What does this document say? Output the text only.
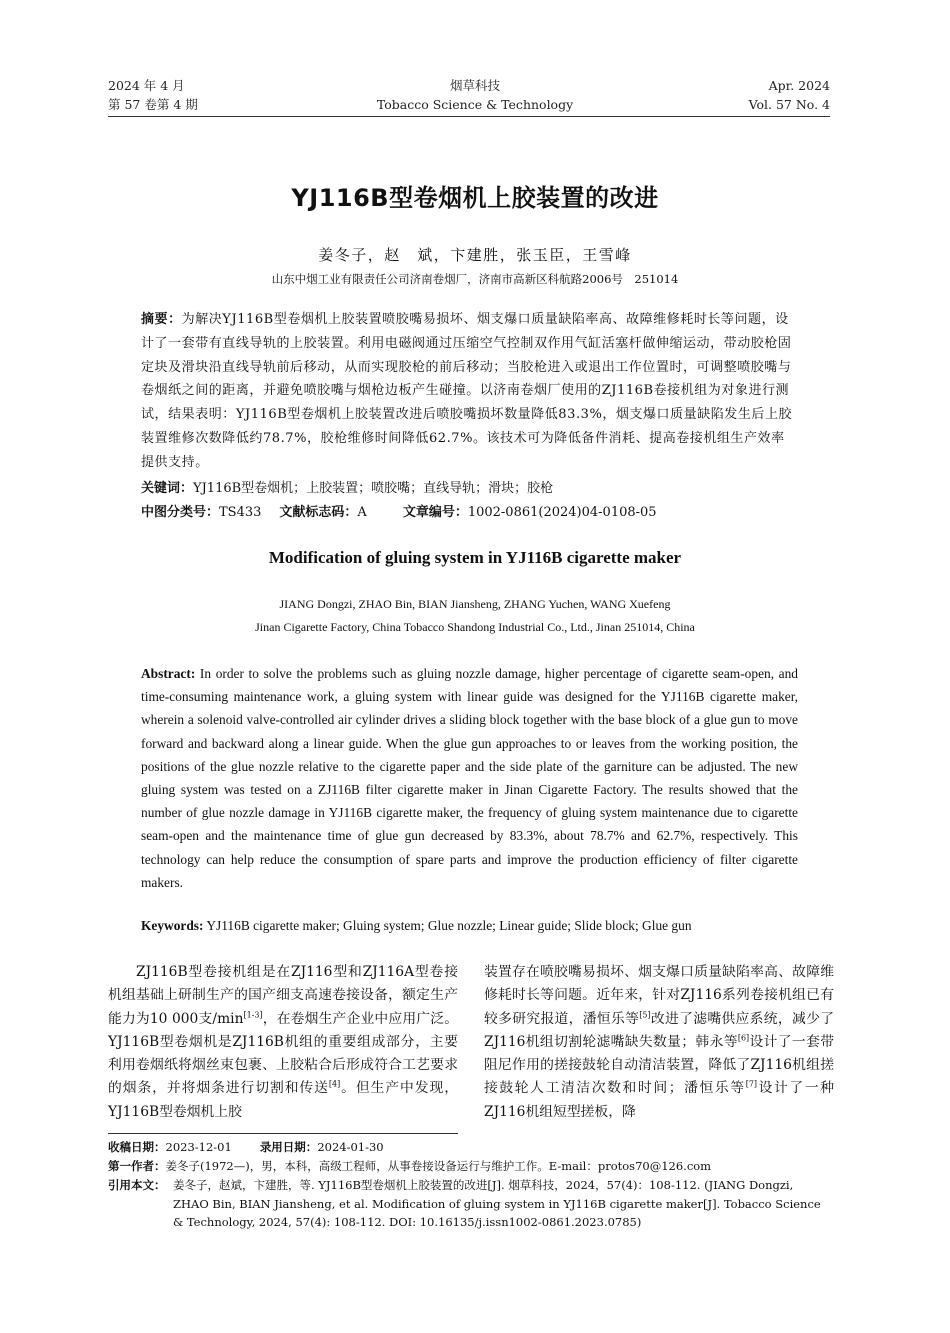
2024 年 4 月
第 57 卷第 4 期
烟草科技
Tobacco Science & Technology
Apr. 2024
Vol. 57 No. 4
YJ116B型卷烟机上胶装置的改进
姜冬子，赵　斌，卞建胜，张玉臣，王雪峰
山东中烟工业有限责任公司济南卷烟厂，济南市高新区科航路2006号　251014
摘要：为解决YJ116B型卷烟机上胶装置喷胶嘴易损坏、烟支爆口质量缺陷率高、故障维修耗时长等问题，设计了一套带有直线导轨的上胶装置。利用电磁阀通过压缩空气控制双作用气缸活塞杆做伸缩运动，带动胶枪固定块及滑块沿直线导轨前后移动，从而实现胶枪的前后移动；当胶枪进入或退出工作位置时，可调整喷胶嘴与卷烟纸之间的距离，并避免喷胶嘴与烟枪边板产生碰撞。以济南卷烟厂使用的ZJ116B卷接机组为对象进行测试，结果表明：YJ116B型卷烟机上胶装置改进后喷胶嘴损坏数量降低83.3%，烟支爆口质量缺陷发生后上胶装置维修次数降低约78.7%，胶枪维修时间降低62.7%。该技术可为降低备件消耗、提高卷接机组生产效率提供支持。
关键词：YJ116B型卷烟机；上胶装置；喷胶嘴；直线导轨；滑块；胶枪
中图分类号：TS433 文献标志码：A	文章编号：1002-0861(2024)04-0108-05
Modification of gluing system in YJ116B cigarette maker
JIANG Dongzi, ZHAO Bin, BIAN Jiansheng, ZHANG Yuchen, WANG Xuefeng
Jinan Cigarette Factory, China Tobacco Shandong Industrial Co., Ltd., Jinan 251014, China
Abstract: In order to solve the problems such as gluing nozzle damage, higher percentage of cigarette seam-open, and time-consuming maintenance work, a gluing system with linear guide was designed for the YJ116B cigarette maker, wherein a solenoid valve-controlled air cylinder drives a sliding block together with the base block of a glue gun to move forward and backward along a linear guide. When the glue gun approaches to or leaves from the working position, the positions of the glue nozzle relative to the cigarette paper and the side plate of the garniture can be adjusted. The new gluing system was tested on a ZJ116B filter cigarette maker in Jinan Cigarette Factory. The results showed that the number of glue nozzle damage in YJ116B cigarette maker, the frequency of gluing system maintenance due to cigarette seam-open and the maintenance time of glue gun decreased by 83.3%, about 78.7% and 62.7%, respectively. This technology can help reduce the consumption of spare parts and improve the production efficiency of filter cigarette makers.
Keywords: YJ116B cigarette maker; Gluing system; Glue nozzle; Linear guide; Slide block; Glue gun
ZJ116B型卷接机组是在ZJ116型和ZJ116A型卷接机组基础上研制生产的国产细支高速卷接设备，额定生产能力为10 000支/min[1-3]，在卷烟生产企业中应用广泛。YJ116B型卷烟机是ZJ116B机组的重要组成部分，主要利用卷烟纸将烟丝束包裹、上胶粘合后形成符合工艺要求的烟条，并将烟条进行切割和传送[4]。但生产中发现，YJ116B型卷烟机上胶
装置存在喷胶嘴易损坏、烟支爆口质量缺陷率高、故障维修耗时长等问题。近年来，针对ZJ116系列卷接机组已有较多研究报道，潘恒乐等[5]改进了滤嘴供应系统，减少了ZJ116机组切割轮滤嘴缺失数量；韩永等[6]设计了一套带阻尼作用的搓接鼓轮自动清洁装置，降低了ZJ116机组搓接鼓轮人工清洁次数和时间；潘恒乐等[7]设计了一种ZJ116机组短型搓板，降
收稿日期：2023-12-01 录用日期：2024-01-30
第一作者：姜冬子(1972—)，男，本科，高级工程师，从事卷接设备运行与维护工作。E-mail：protos70@126.com
引用本文： 姜冬子，赵斌，卞建胜，等. YJ116B型卷烟机上胶装置的改进[J]. 烟草科技，2024，57(4)：108-112. (JIANG Dongzi, ZHAO Bin, BIAN Jiansheng, et al. Modification of gluing system in YJ116B cigarette maker[J]. Tobacco Science & Technology, 2024, 57(4): 108-112. DOI: 10.16135/j.issn1002-0861.2023.0785)
